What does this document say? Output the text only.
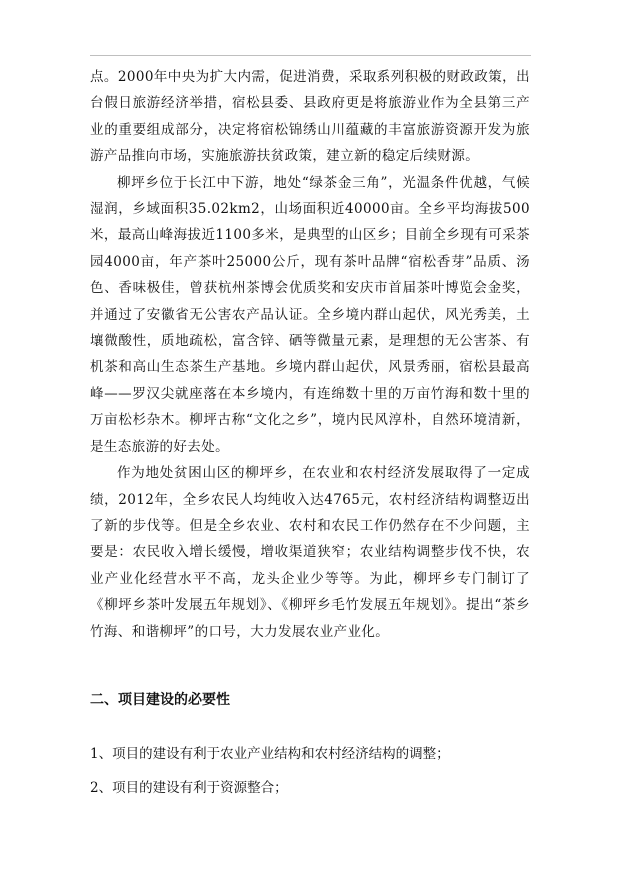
点。2000年中央为扩大内需，促进消费，采取系列积极的财政政策，出台假日旅游经济举措，宿松县委、县政府更是将旅游业作为全县第三产业的重要组成部分，决定将宿松锦绣山川蕴藏的丰富旅游资源开发为旅游产品推向市场，实施旅游扶贫政策，建立新的稳定后续财源。

柳坪乡位于长江中下游，地处“绿茶金三角”，光温条件优越，气候湿润，乡域面积35.02km2，山场面积近40000亩。全乡平均海拔500米，最高山峰海拔近1100多米，是典型的山区乡；目前全乡现有可采茶园4000亩，年产茶叶25000公斤，现有茶叶品牌“宿松香芽”品质、汤色、香味极佳，曾获杭州茶博会优质奖和安庆市首届茶叶博览会金奖，并通过了安徽省无公害农产品认证。全乡境内群山起伏，风光秀美，土壤微酸性，质地疏松，富含锌、硒等微量元素，是理想的无公害茶、有机茶和高山生态茶生产基地。乡境内群山起伏，风景秀丽，宿松县最高峰——罗汉尖就座落在本乡境内，有连绵数十里的万亩竹海和数十里的万亩松杉杂木。柳坪古称“文化之乡”，境内民风淳朴，自然环境清新，是生态旅游的好去处。

作为地处贫困山区的柳坪乡，在农业和农村经济发展取得了一定成绩，2012年，全乡农民人均纯收入达4765元，农村经济结构调整迈出了新的步伐等。但是全乡农业、农村和农民工作仍然存在不少问题，主要是：农民收入增长缓慢，增收渠道狭窄；农业结构调整步伐不快，农业产业化经营水平不高，龙头企业少等等。为此，柳坪乡专门制订了《柳坪乡茶叶发展五年规划》、《柳坪乡毛竹发展五年规划》。提出“茶乡竹海、和谐柳坪”的口号，大力发展农业产业化。

二、项目建设的必要性

1、项目的建设有利于农业产业结构和农村经济结构的调整；

2、项目的建设有利于资源整合；
